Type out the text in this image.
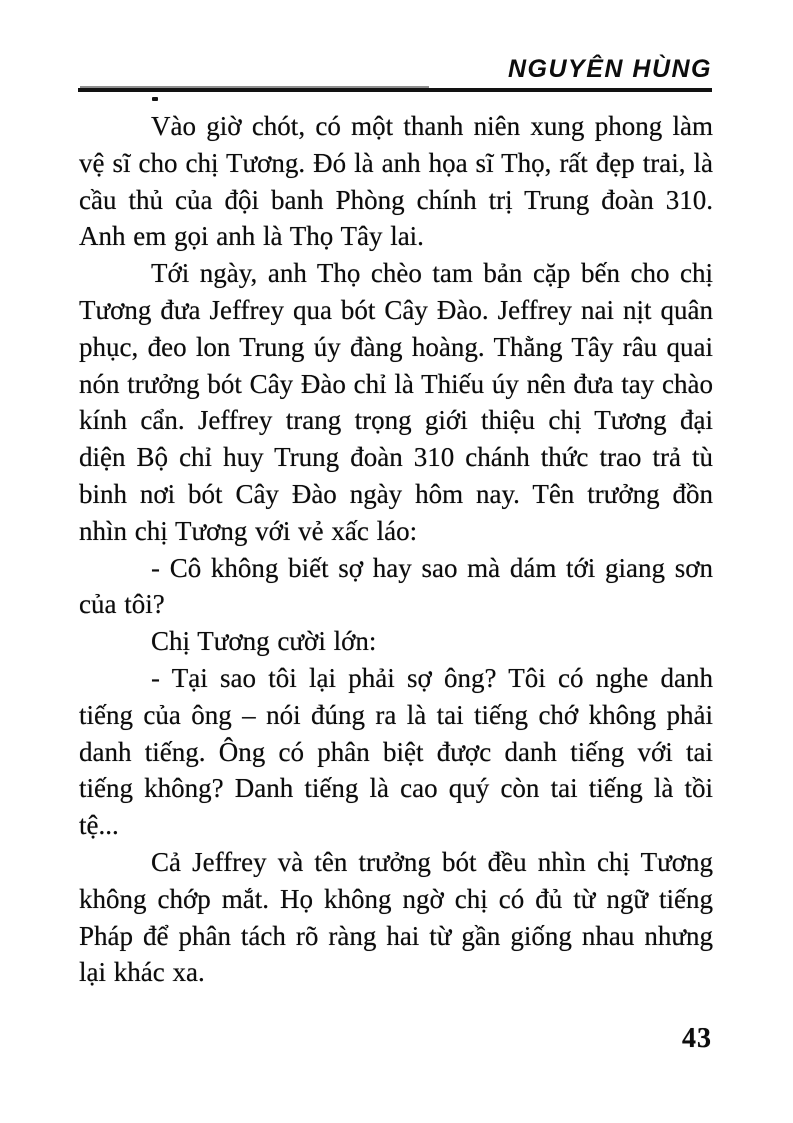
NGUYÊN HÙNG

Vào giờ chót, có một thanh niên xung phong làm vệ sĩ cho chị Tương. Đó là anh họa sĩ Thọ, rất đẹp trai, là cầu thủ của đội banh Phòng chính trị Trung đoàn 310. Anh em gọi anh là Thọ Tây lai.

Tới ngày, anh Thọ chèo tam bản cặp bến cho chị Tương đưa Jeffrey qua bót Cây Đào. Jeffrey nai nịt quân phục, đeo lon Trung úy đàng hoàng. Thằng Tây râu quai nón trưởng bót Cây Đào chỉ là Thiếu úy nên đưa tay chào kính cẩn. Jeffrey trang trọng giới thiệu chị Tương đại diện Bộ chỉ huy Trung đoàn 310 chánh thức trao trả tù binh nơi bót Cây Đào ngày hôm nay. Tên trưởng đồn nhìn chị Tương với vẻ xấc láo:

- Cô không biết sợ hay sao mà dám tới giang sơn của tôi?

Chị Tương cười lớn:

- Tại sao tôi lại phải sợ ông? Tôi có nghe danh tiếng của ông – nói đúng ra là tai tiếng chớ không phải danh tiếng. Ông có phân biệt được danh tiếng với tai tiếng không? Danh tiếng là cao quý còn tai tiếng là tồi tệ...

Cả Jeffrey và tên trưởng bót đều nhìn chị Tương không chớp mắt. Họ không ngờ chị có đủ từ ngữ tiếng Pháp để phân tách rõ ràng hai từ gần giống nhau nhưng lại khác xa.

43
